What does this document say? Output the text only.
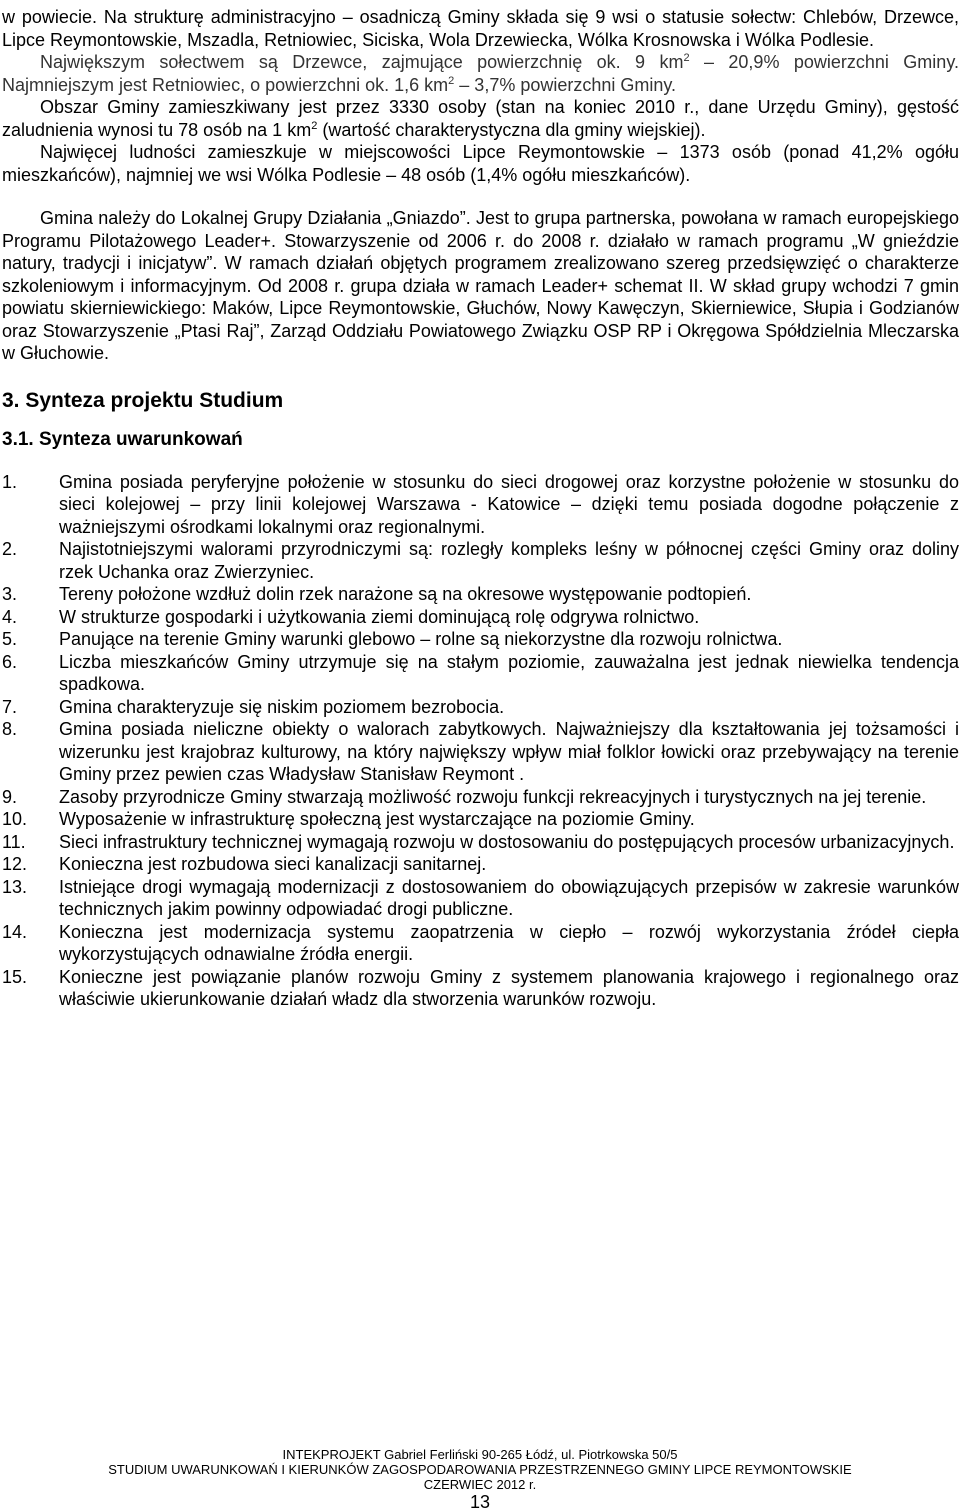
w powiecie. Na strukturę administracyjno – osadniczą Gminy składa się 9 wsi o statusie sołectw: Chlebów, Drzewce, Lipce Reymontowskie, Mszadla, Retniowiec, Siciska, Wola Drzewiecka, Wólka Krosnowska i Wólka Podlesie.

Największym sołectwem są Drzewce, zajmujące powierzchnię ok. 9 $km^2 - 20,9\%$ powierzchni Gminy. Najmniejszym jest Retniowiec, o powierzchni ok. 1,6 $km^2 - 3,7\%$ powierzchni Gminy.

Obszar Gminy zamieszkiwany jest przez 3330 osoby (stan na koniec 2010 r., dane Urzędu Gminy), gęstość zaludnienia wynosi tu 78 osób na 1 $km^2$ (wartość charakterystyczna dla gminy wiejskiej).

Najwięcej ludności zamieszkuje w miejscowości Lipce Reymontowskie – 1373 osób (ponad 41,2% ogółu mieszkańców), najmniej we wsi Wólka Podlesie – 48 osób (1,4% ogółu mieszkańców).

Gmina należy do Lokalnej Grupy Działania „Gniazdo”. Jest to grupa partnerska, powołana w ramach europejskiego Programu Pilotażowego Leader+. Stowarzyszenie od 2006 r. do 2008 r. działało w ramach programu „W gnieździe natury, tradycji i inicjatyw”. W ramach działań objętych programem zrealizowano szereg przedsięwzięć o charakterze szkoleniowym i informacyjnym. Od 2008 r. grupa działa w ramach Leader+ schemat II. W skład grupy wchodzi 7 gmin powiatu skierniewickiego: Maków, Lipce Reymontowskie, Głuchów, Nowy Kawęczyn, Skierniewice, Słupia i Godzianów oraz Stowarzyszenie „Ptasi Raj”, Zarząd Oddziału Powiatowego Związku OSP RP i Okręgowa Spółdzielnia Mleczarska w Głuchowie.

3. Synteza projektu Studium

3.1. Synteza uwarunkowań

1.	Gmina posiada peryferyjne położenie w stosunku do sieci drogowej oraz korzystne położenie w stosunku do sieci kolejowej – przy linii kolejowej Warszawa - Katowice – dzięki temu posiada dogodne połączenie z ważniejszymi ośrodkami lokalnymi oraz regionalnymi.
2.	Najistotniejszymi walorami przyrodniczymi są: rozległy kompleks leśny w północnej części Gminy oraz doliny rzek Uchanka oraz Zwierzyniec.
3.	Tereny położone wzdłuż dolin rzek narażone są na okresowe występowanie podtopień.
4.	W strukturze gospodarki i użytkowania ziemi dominującą rolę odgrywa rolnictwo.
5.	Panujące na terenie Gminy warunki glebowo – rolne są niekorzystne dla rozwoju rolnictwa.
6.	Liczba mieszkańców Gminy utrzymuje się na stałym poziomie, zauważalna jest jednak niewielka tendencja spadkowa.
7.	Gmina charakteryzuje się niskim poziomem bezrobocia.
8.	Gmina posiada nieliczne obiekty o walorach zabytkowych. Najważniejszy dla kształtowania jej tożsamości i wizerunku jest krajobraz kulturowy, na który największy wpływ miał folklor łowicki oraz przebywający na terenie Gminy przez pewien czas Władysław Stanisław Reymont .
9.	Zasoby przyrodnicze Gminy stwarzają możliwość rozwoju funkcji rekreacyjnych i turystycznych na jej terenie.
10.	Wyposażenie w infrastrukturę społeczną jest wystarczające na poziomie Gminy.
11.	Sieci infrastruktury technicznej wymagają rozwoju w dostosowaniu do postępujących procesów urbanizacyjnych.
12.	Konieczna jest rozbudowa sieci kanalizacji sanitarnej.
13.	Istniejące drogi wymagają modernizacji z dostosowaniem do obowiązujących przepisów w zakresie warunków technicznych jakim powinny odpowiadać drogi publiczne.
14.	Konieczna jest modernizacja systemu zaopatrzenia w ciepło – rozwój wykorzystania źródeł ciepła wykorzystujących odnawialne źródła energii.
15.	Konieczne jest powiązanie planów rozwoju Gminy z systemem planowania krajowego i regionalnego oraz właściwie ukierunkowanie działań władz dla stworzenia warunków rozwoju.
INTEKPROJEKT Gabriel Ferliński 90-265 Łódź, ul. Piotrkowska 50/5
STUDIUM UWARUNKOWAŃ I KIERUNKÓW ZAGOSPODAROWANIA PRZESTRZENNEGO GMINY LIPCE REYMONTOWSKIE
CZERWIEC 2012 r.
13
